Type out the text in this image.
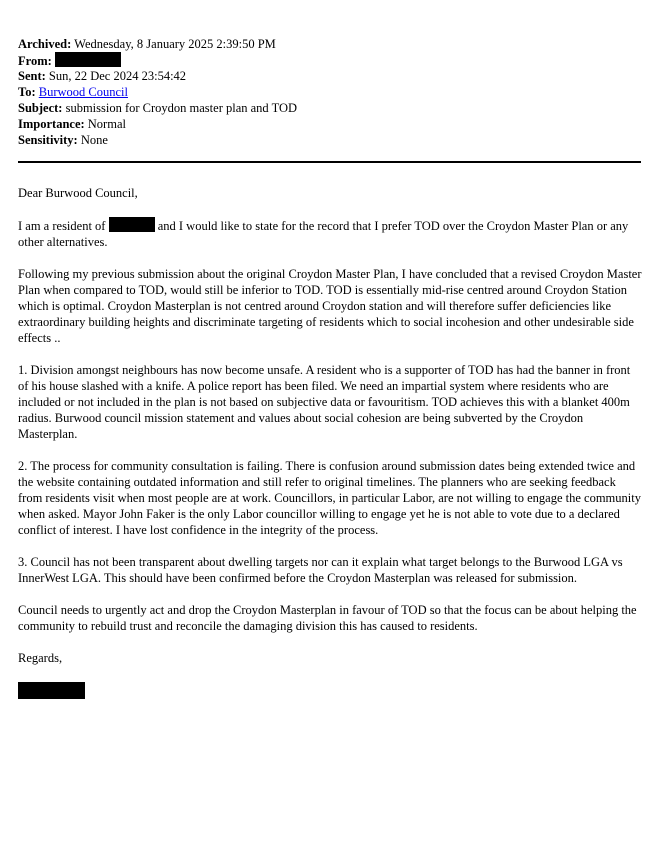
Archived: Wednesday, 8 January 2025 2:39:50 PM
From:
Sent: Sun, 22 Dec 2024 23:54:42
To: Burwood Council
Subject: submission for Croydon master plan and TOD
Importance: Normal
Sensitivity: None

Dear Burwood Council,

I am a resident of	and I would like to state for the record that I prefer TOD over the Croydon Master Plan or any other alternatives.

Following my previous submission about the original Croydon Master Plan, I have concluded that a revised Croydon Master Plan when compared to TOD, would still be inferior to TOD. TOD is essentially mid-rise centred around Croydon Station which is optimal. Croydon Masterplan is not centred around Croydon station and will therefore suffer deficiencies like extraordinary building heights and discriminate targeting of residents which to social incohesion and other undesirable side effects ..

1. Division amongst neighbours has now become unsafe. A resident who is a supporter of TOD has had the banner in front of his house slashed with a knife. A police report has been filed. We need an impartial system where residents who are included or not included in the plan is not based on subjective data or favouritism. TOD achieves this with a blanket 400m radius. Burwood council mission statement and values about social cohesion are being subverted by the Croydon Masterplan.

2. The process for community consultation is failing. There is confusion around submission dates being extended twice and the website containing outdated information and still refer to original timelines. The planners who are seeking feedback from residents visit when most people are at work. Councillors, in particular Labor, are not willing to engage the community when asked. Mayor John Faker is the only Labor councillor willing to engage yet he is not able to vote due to a declared conflict of interest. I have lost confidence in the integrity of the process.

3. Council has not been transparent about dwelling targets nor can it explain what target belongs to the Burwood LGA vs InnerWest LGA. This should have been confirmed before the Croydon Masterplan was released for submission.

Council needs to urgently act and drop the Croydon Masterplan in favour of TOD so that the focus can be about helping the community to rebuild trust and reconcile the damaging division this has caused to residents.

Regards,
